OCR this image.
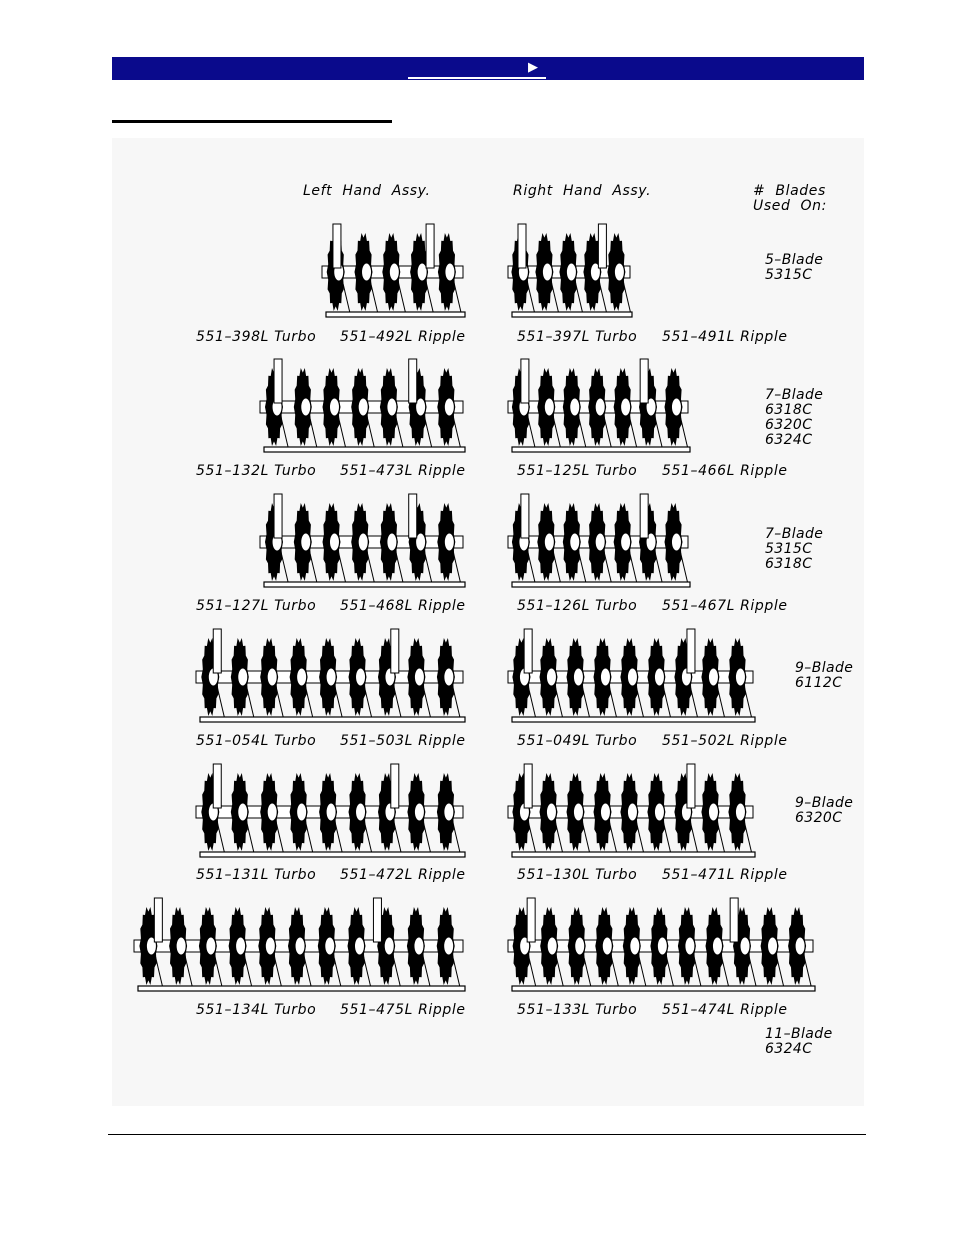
▶
Left  Hand  Assy.	Right  Hand  Assy.	#  Blades
Used  On:
551–398L Turbo 551–492L Ripple	551–397L Turbo 551–491L Ripple
5–Blade
5315C
551–132L Turbo 551–473L Ripple	551–125L Turbo 551–466L Ripple
7–Blade
6318C
6320C
6324C
551–127L Turbo 551–468L Ripple	551–126L Turbo 551–467L Ripple
7–Blade
5315C
6318C
551–054L Turbo 551–503L Ripple	551–049L Turbo 551–502L Ripple
9–Blade
6112C
551–131L Turbo 551–472L Ripple	551–130L Turbo 551–471L Ripple
9–Blade
6320C
551–134L Turbo 551–475L Ripple	551–133L Turbo 551–474L Ripple
11–Blade
6324C
